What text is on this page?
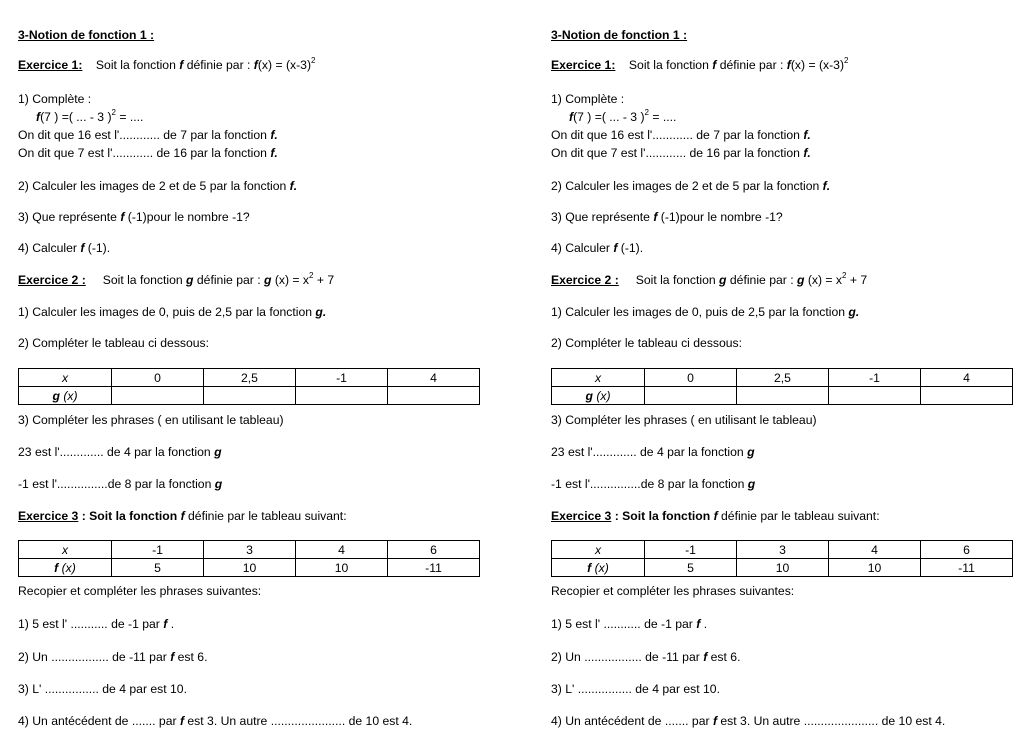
3-Notion de fonction 1 :
Exercice 1: Soit la fonction f définie par : $f(x) = (x-3)^2$
1) Complète :
f(7 ) =( ... - 3 )$^2$ = ....
On dit que 16 est l'............ de 7 par la fonction f.
On dit que 7 est l'............ de 16 par la fonction f.
2) Calculer les images de 2 et de 5 par la fonction f.
3) Que représente f (-1)pour le nombre -1?
4) Calculer f (-1).
Exercice 2 : Soit la fonction g définie par : g $(x) = x^2 + 7$
1) Calculer les images de 0, puis de 2,5 par la fonction g.
2) Compléter le tableau ci dessous:
x	0	2,5	-1	4
g (x)				
3) Compléter les phrases ( en utilisant le tableau)
23 est l'............. de 4 par la fonction g
-1 est l'...............de 8 par la fonction g
Exercice 3 : Soit la fonction f définie par le tableau suivant:
x	-1	3	4	6
f (x)	5	10	10	-11
Recopier et compléter les phrases suivantes:
1) 5 est l' ........... de -1 par f .
2) Un ................. de -11 par f est 6.
3) L' ................ de 4 par est 10.
4) Un antécédent de ....... par f est 3. Un autre ...................... de 10 est 4.
3-Notion de fonction 1 :
Exercice 1: Soit la fonction f définie par : $f(x) = (x-3)^2$
1) Complète :
f(7 ) =( ... - 3 )$^2$ = ....
On dit que 16 est l'............ de 7 par la fonction f.
On dit que 7 est l'............ de 16 par la fonction f.
2) Calculer les images de 2 et de 5 par la fonction f.
3) Que représente f (-1)pour le nombre -1?
4) Calculer f (-1).
Exercice 2 : Soit la fonction g définie par : g $(x) = x^2 + 7$
1) Calculer les images de 0, puis de 2,5 par la fonction g.
2) Compléter le tableau ci dessous:
x	0	2,5	-1	4
g (x)				
3) Compléter les phrases ( en utilisant le tableau)
23 est l'............. de 4 par la fonction g
-1 est l'...............de 8 par la fonction g
Exercice 3 : Soit la fonction f définie par le tableau suivant:
x	-1	3	4	6
f (x)	5	10	10	-11
Recopier et compléter les phrases suivantes:
1) 5 est l' ........... de -1 par f .
2) Un ................. de -11 par f est 6.
3) L' ................ de 4 par est 10.
4) Un antécédent de ....... par f est 3. Un autre ...................... de 10 est 4.
